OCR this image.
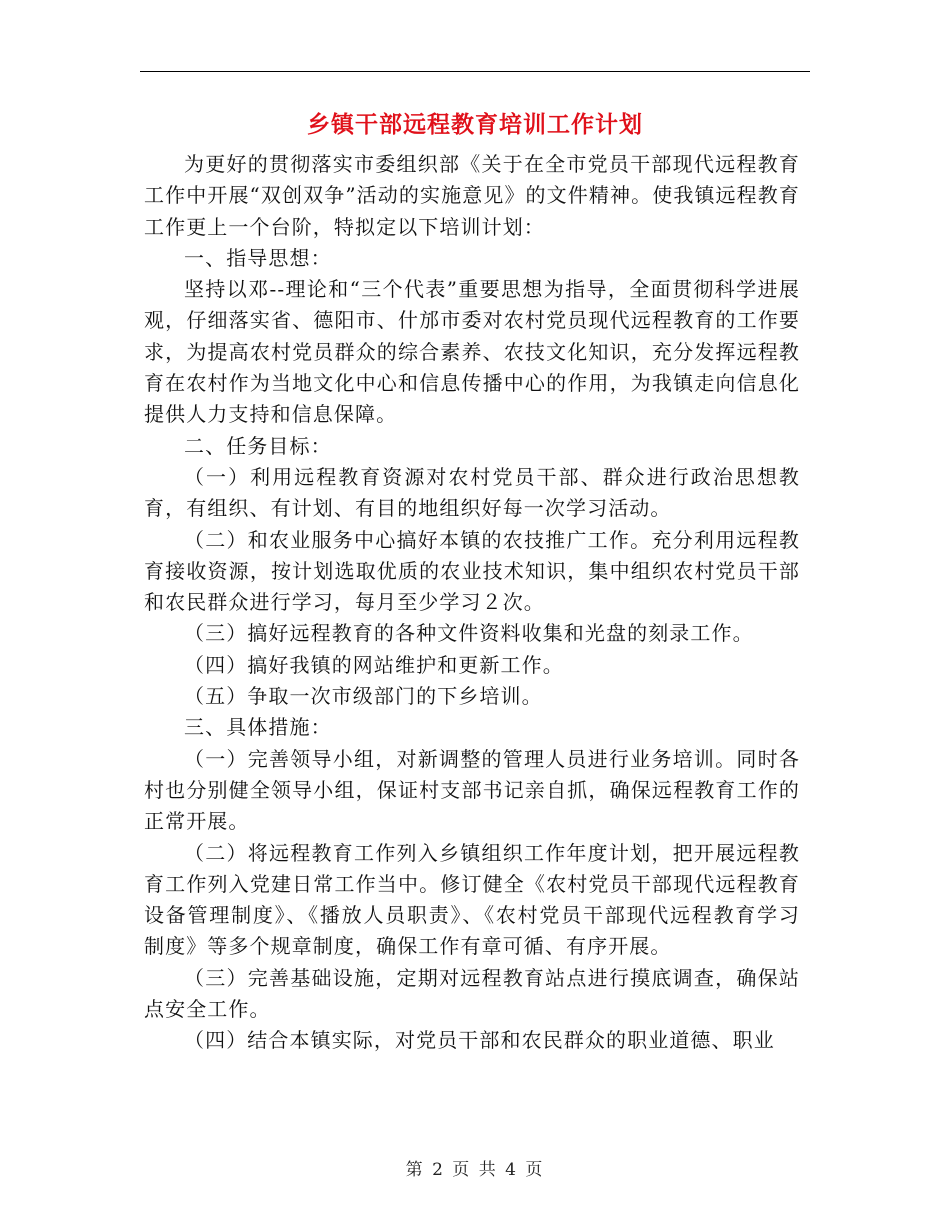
乡镇干部远程教育培训工作计划

为更好的贯彻落实市委组织部《关于在全市党员干部现代远程教育工作中开展“双创双争”活动的实施意见》的文件精神。使我镇远程教育工作更上一个台阶，特拟定以下培训计划：

一、指导思想：

坚持以邓--理论和“三个代表”重要思想为指导，全面贯彻科学进展观，仔细落实省、德阳市、什邡市委对农村党员现代远程教育的工作要求，为提高农村党员群众的综合素养、农技文化知识，充分发挥远程教育在农村作为当地文化中心和信息传播中心的作用，为我镇走向信息化提供人力支持和信息保障。

二、任务目标：

（一）利用远程教育资源对农村党员干部、群众进行政治思想教育，有组织、有计划、有目的地组织好每一次学习活动。

（二）和农业服务中心搞好本镇的农技推广工作。充分利用远程教育接收资源，按计划选取优质的农业技术知识，集中组织农村党员干部和农民群众进行学习，每月至少学习２次。

（三）搞好远程教育的各种文件资料收集和光盘的刻录工作。

（四）搞好我镇的网站维护和更新工作。

（五）争取一次市级部门的下乡培训。

三、具体措施：

（一）完善领导小组，对新调整的管理人员进行业务培训。同时各村也分别健全领导小组，保证村支部书记亲自抓，确保远程教育工作的正常开展。

（二）将远程教育工作列入乡镇组织工作年度计划，把开展远程教育工作列入党建日常工作当中。修订健全《农村党员干部现代远程教育设备管理制度》、《播放人员职责》、《农村党员干部现代远程教育学习制度》等多个规章制度，确保工作有章可循、有序开展。

（三）完善基础设施，定期对远程教育站点进行摸底调查，确保站点安全工作。

（四）结合本镇实际，对党员干部和农民群众的职业道德、职业

第 2 页 共 4 页
